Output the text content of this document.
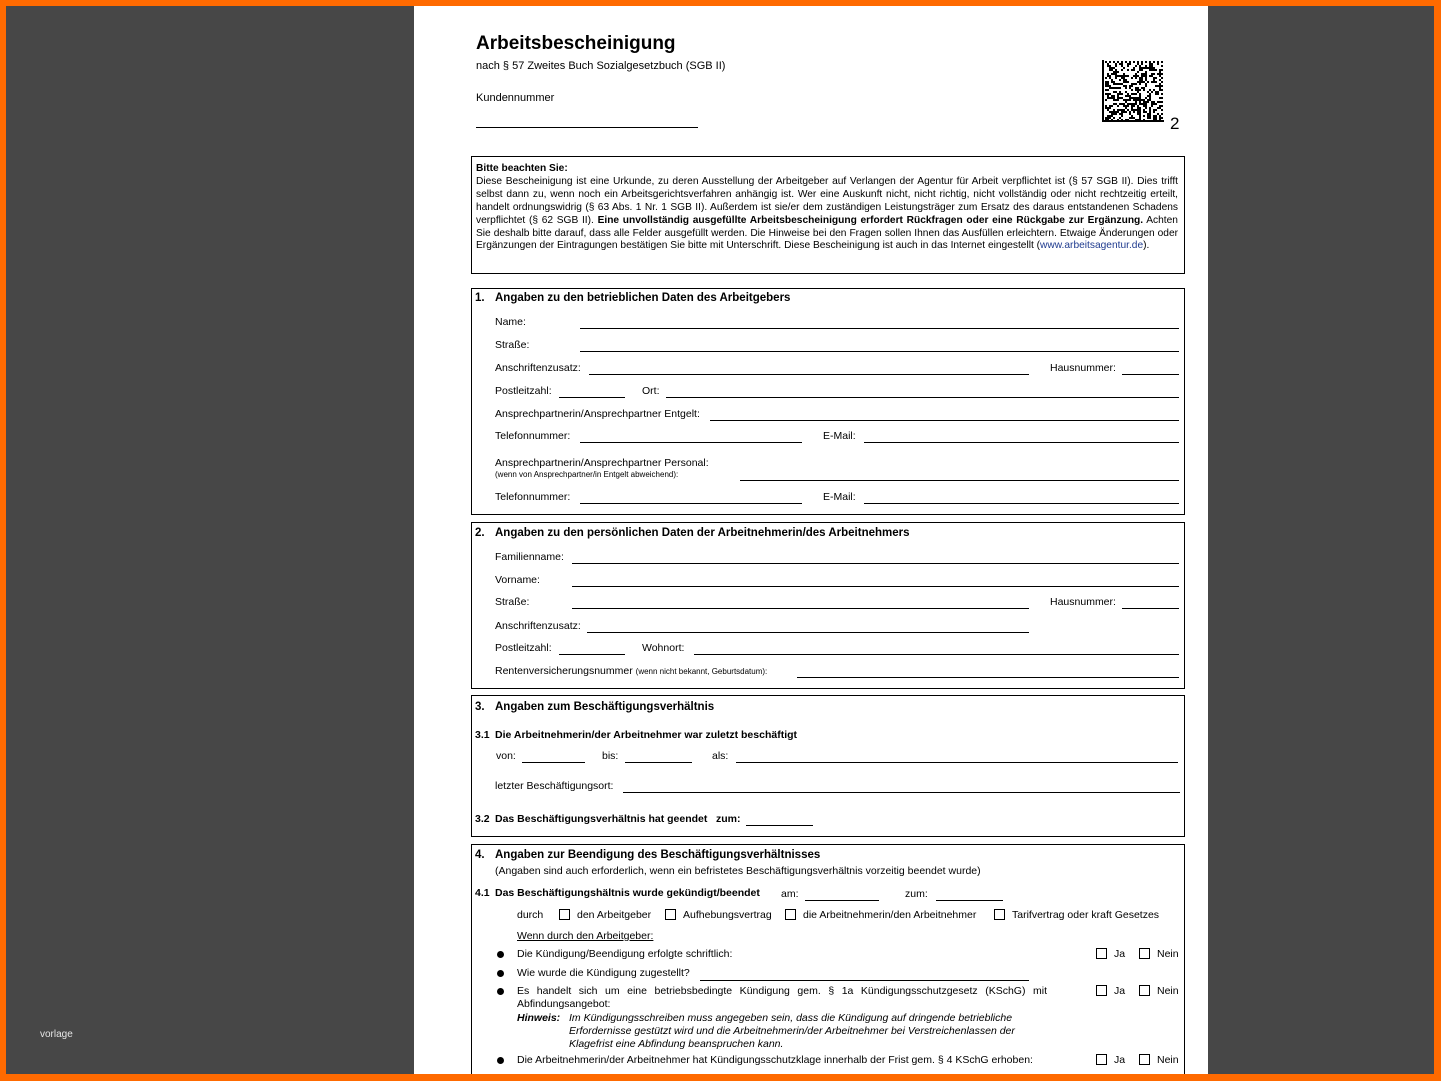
vorlage
Arbeitsbescheinigung
nach § 57 Zweites Buch Sozialgesetzbuch (SGB II)
Kundennummer
2
Bitte beachten Sie:
Diese Bescheinigung ist eine Urkunde, zu deren Ausstellung der Arbeitgeber auf Verlangen der Agentur für Arbeit verpflichtet ist (§ 57 SGB II). Dies trifft selbst dann zu, wenn noch ein Arbeitsgerichtsverfahren anhängig ist. Wer eine Auskunft nicht, nicht richtig, nicht vollständig oder nicht rechtzeitig erteilt, handelt ordnungswidrig (§ 63 Abs. 1 Nr. 1 SGB II). Außerdem ist sie/er dem zuständigen Leistungsträger zum Ersatz des daraus entstandenen Schadens verpflichtet (§ 62 SGB II). Eine unvollständig ausgefüllte Arbeitsbescheinigung erfordert Rückfragen oder eine Rückgabe zur Ergänzung. Achten Sie deshalb bitte darauf, dass alle Felder ausgefüllt werden. Die Hinweise bei den Fragen sollen Ihnen das Ausfüllen erleichtern. Etwaige Änderungen oder Ergänzungen der Eintragungen bestätigen Sie bitte mit Unterschrift. Diese Bescheinigung ist auch in das Internet eingestellt (www.arbeitsagentur.de).
1. Angaben zu den betrieblichen Daten des Arbeitgebers
Name:
Straße:
Anschriftenzusatz:	Hausnummer:
Postleitzahl:	Ort:
Ansprechpartnerin/Ansprechpartner Entgelt:
Telefonnummer:	E-Mail:
Ansprechpartnerin/Ansprechpartner Personal:
(wenn von Ansprechpartner/in Entgelt abweichend):
Telefonnummer:	E-Mail:
2. Angaben zu den persönlichen Daten der Arbeitnehmerin/des Arbeitnehmers
Familienname:
Vorname:
Straße:	Hausnummer:
Anschriftenzusatz:
Postleitzahl:	Wohnort:
Rentenversicherungsnummer (wenn nicht bekannt, Geburtsdatum):
3. Angaben zum Beschäftigungsverhältnis
3.1 Die Arbeitnehmerin/der Arbeitnehmer war zuletzt beschäftigt
von:	bis:	als:
letzter Beschäftigungsort:
3.2 Das Beschäftigungsverhältnis hat geendet zum:
4. Angaben zur Beendigung des Beschäftigungsverhältnisses
(Angaben sind auch erforderlich, wenn ein befristetes Beschäftigungsverhältnis vorzeitig beendet wurde)
4.1 Das Beschäftigungshältnis wurde gekündigt/beendet am:	zum:
durch	den Arbeitgeber	Aufhebungsvertrag	die Arbeitnehmerin/den Arbeitnehmer	Tarifvertrag oder kraft Gesetzes
Wenn durch den Arbeitgeber:
Die Kündigung/Beendigung erfolgte schriftlich:	Ja	Nein
Wie wurde die Kündigung zugestellt?
Es handelt sich um eine betriebsbedingte Kündigung gem. § 1a Kündigungsschutzgesetz (KSchG) mit
Abfindungsangebot:
Ja	Nein
Hinweis: Im Kündigungsschreiben muss angegeben sein, dass die Kündigung auf dringende betriebliche
Erfordernisse gestützt wird und die Arbeitnehmerin/der Arbeitnehmer bei Verstreichenlassen der
Klagefrist eine Abfindung beanspruchen kann.
Die Arbeitnehmerin/der Arbeitnehmer hat Kündigungsschutzklage innerhalb der Frist gem. § 4 KSchG erhoben:	Ja	Nein
